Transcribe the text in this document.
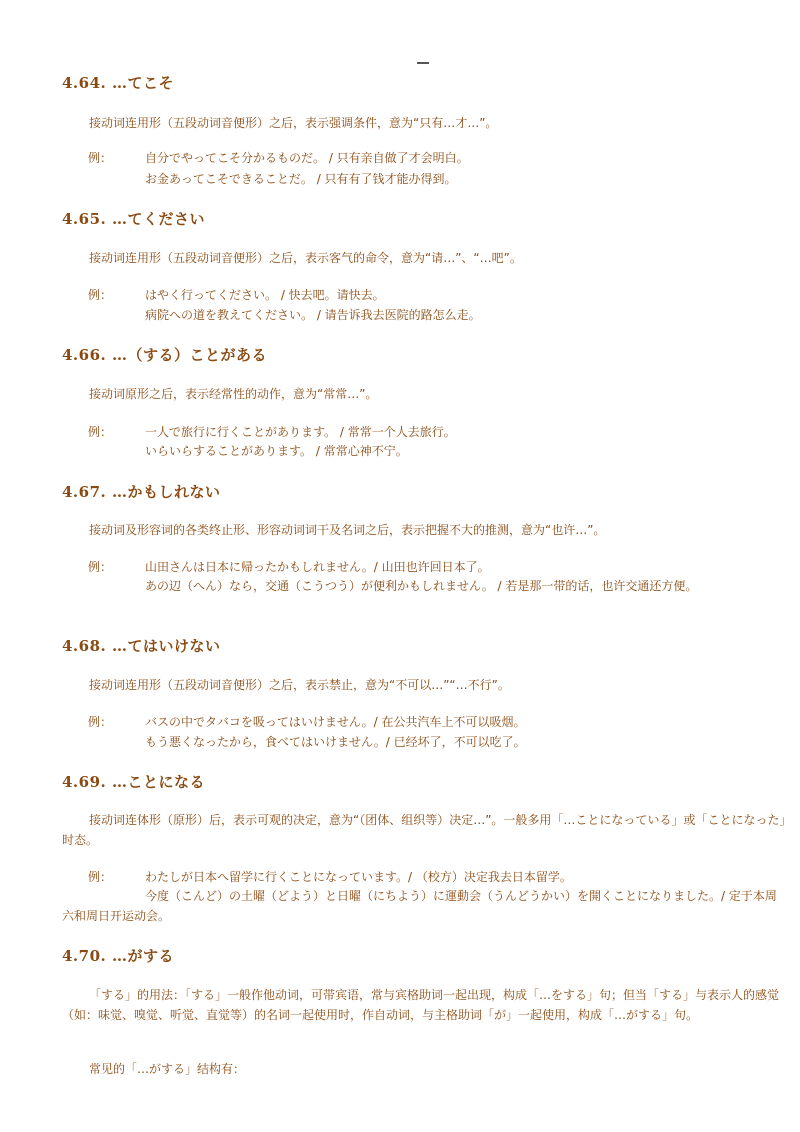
4.64. …てこそ
接动词连用形（五段动词音便形）之后，表示强调条件，意为“只有…才…”。
例：	自分でやってこそ分かるものだ。 / 只有亲自做了才会明白。
お金あってこそできることだ。 / 只有有了钱才能办得到。
4.65. …てください
接动词连用形（五段动词音便形）之后，表示客气的命令，意为“请…”、“…吧”。
例：	はやく行ってください。 / 快去吧。请快去。
病院への道を教えてください。 / 请告诉我去医院的路怎么走。
4.66. …（する）ことがある
接动词原形之后，表示经常性的动作，意为“常常…”。
例：	一人で旅行に行くことがあります。 / 常常一个人去旅行。
いらいらすることがあります。 / 常常心神不宁。
4.67. …かもしれない
接动词及形容词的各类终止形、形容动词词干及名词之后，表示把握不大的推测，意为“也许…”。
例：	山田さんは日本に帰ったかもしれません。/ 山田也许回日本了。
あの辺（へん）なら，交通（こうつう）が便利かもしれません。 / 若是那一带的话，也许交通还方便。
4.68. …てはいけない
接动词连用形（五段动词音便形）之后，表示禁止，意为“不可以…”“…不行”。
例：	バスの中でタバコを吸ってはいけません。/ 在公共汽车上不可以吸烟。
もう悪くなったから，食べてはいけません。/ 已经坏了，不可以吃了。
4.69. …ことになる
接动词连体形（原形）后，表示可观的决定，意为“（团体、组织等）决定…”。一般多用「…ことになっている」或「ことになった」时态。
例：	わたしが日本へ留学に行くことになっています。/ （校方）决定我去日本留学。
今度（こんど）の土曜（どよう）と日曜（にちよう）に運動会（うんどうかい）を開くことになりました。/ 定于本周六和周日开运动会。
4.70. …がする
「する」的用法：「する」一般作他动词，可带宾语，常与宾格助词一起出现，构成「…をする」句；但当「する」与表示人的感觉（如：味觉、嗅觉、听觉、直觉等）的名词一起使用时，作自动词，与主格助词「が」一起使用，构成「…がする」句。
常见的「…がする」结构有：
